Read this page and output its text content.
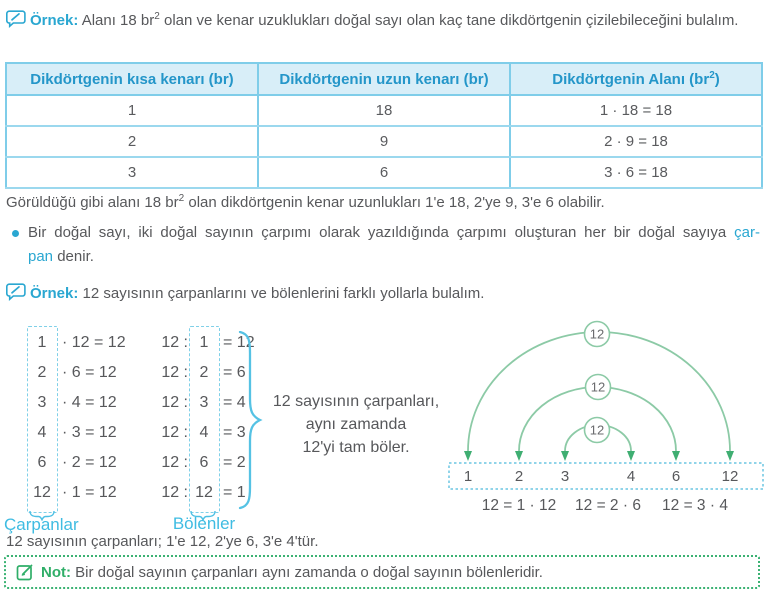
Örnek: Alanı 18 $br^2$ olan ve kenar uzuklukları doğal sayı olan kaç tane dikdörtgenin çizilebileceğini bulalım.
Dikdörtgenin kısa kenarı (br)	Dikdörtgenin uzun kenarı (br)	Dikdörtgenin Alanı $(br^2)$
1	18	1 · 18 = 18
2	9	2 · 9 = 18
3	6	3 · 6 = 18
Görüldüğü gibi alanı 18 $br^2$ olan dikdörtgenin kenar uzunlukları 1'e 18, 2'ye 9, 3'e 6 olabilir.
Bir doğal sayı, iki doğal sayının çarpımı olarak yazıldığında çarpımı oluşturan her bir doğal sayıya çar-
pan denir.
Örnek: 12 sayısının çarpanlarını ve bölenlerini farklı yollarla bulalım.
1 · 12 = 12
2 · 6 = 12
3 · 4 = 12
4 · 3 = 12
6 · 2 = 12
12 · 1 = 12
Çarpanlar
12 : 1 = 12
12 : 2 = 6
12 : 3 = 4
12 : 4 = 3
12 : 6 = 2
12 : 12 = 1
Bölenler
12 sayısının çarpanları,
aynı zamanda
12'yi tam böler.
12
12
12
1	2	3	4 6	12
12 = 1 · 12 12 = 2 · 6 12 = 3 · 4
12 sayısının çarpanları; 1'e 12, 2'ye 6, 3'e 4'tür.
Not: Bir doğal sayının çarpanları aynı zamanda o doğal sayının bölenleridir.
